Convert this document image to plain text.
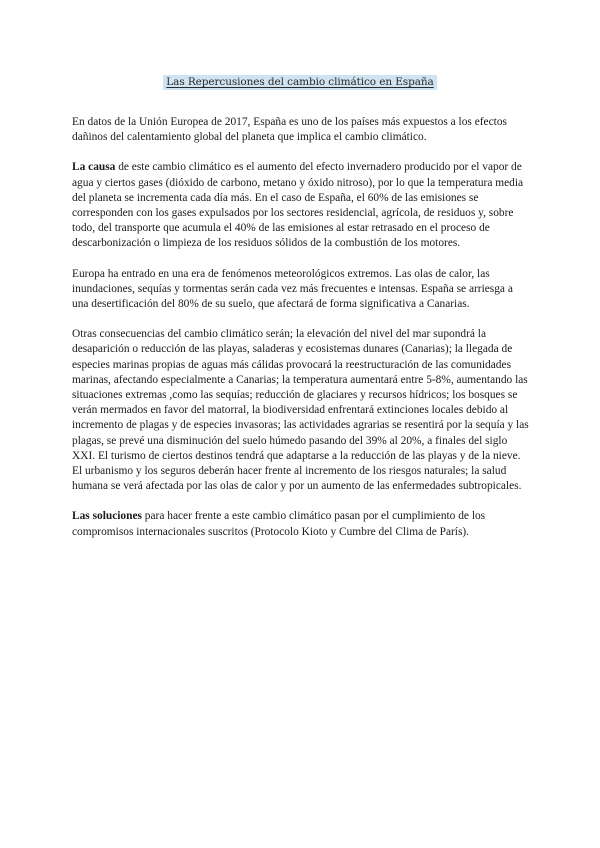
Las Repercusiones del cambio climático en España

En datos de la Unión Europea de 2017, España es uno de los países más expuestos a los efectos dañinos del calentamiento global del planeta que implica el cambio climático.

La causa de este cambio climático es el aumento del efecto invernadero producido por el vapor de agua y ciertos gases (dióxido de carbono, metano y óxido nitroso), por lo que la temperatura media del planeta se incrementa cada día más. En el caso de España, el 60% de las emisiones se corresponden con los gases expulsados por los sectores residencial, agrícola, de residuos y, sobre todo, del transporte que acumula el 40% de las emisiones al estar retrasado en el proceso de descarbonización o limpieza de los residuos sólidos de la combustión de los motores.

Europa ha entrado en una era de fenómenos meteorológicos extremos. Las olas de calor, las inundaciones, sequías y tormentas serán cada vez más frecuentes e intensas. España se arriesga a una desertificación del 80% de su suelo, que afectará de forma significativa a Canarias.

Otras consecuencias del cambio climático serán; la elevación del nivel del mar supondrá la desaparición o reducción de las playas, saladeras y ecosistemas dunares (Canarias); la llegada de especies marinas propias de aguas más cálidas provocará la reestructuración de las comunidades marinas, afectando especialmente a Canarias; la temperatura aumentará entre 5-8%, aumentando las situaciones extremas ,como las sequías; reducción de glaciares y recursos hídricos; los bosques se verán mermados en favor del matorral, la biodiversidad enfrentará extinciones locales debido al incremento de plagas y de especies invasoras; las actividades agrarias se resentirá por la sequía y las plagas, se prevé una disminución del suelo húmedo pasando del 39% al 20%, a finales del siglo XXI. El turismo de ciertos destinos tendrá que adaptarse a la reducción de las playas y de la nieve. El urbanismo y los seguros deberán hacer frente al incremento de los riesgos naturales; la salud humana se verá afectada por las olas de calor y por un aumento de las enfermedades subtropicales.

Las soluciones para hacer frente a este cambio climático pasan por el cumplimiento de los compromisos internacionales suscritos (Protocolo Kioto y Cumbre del Clima de París).
